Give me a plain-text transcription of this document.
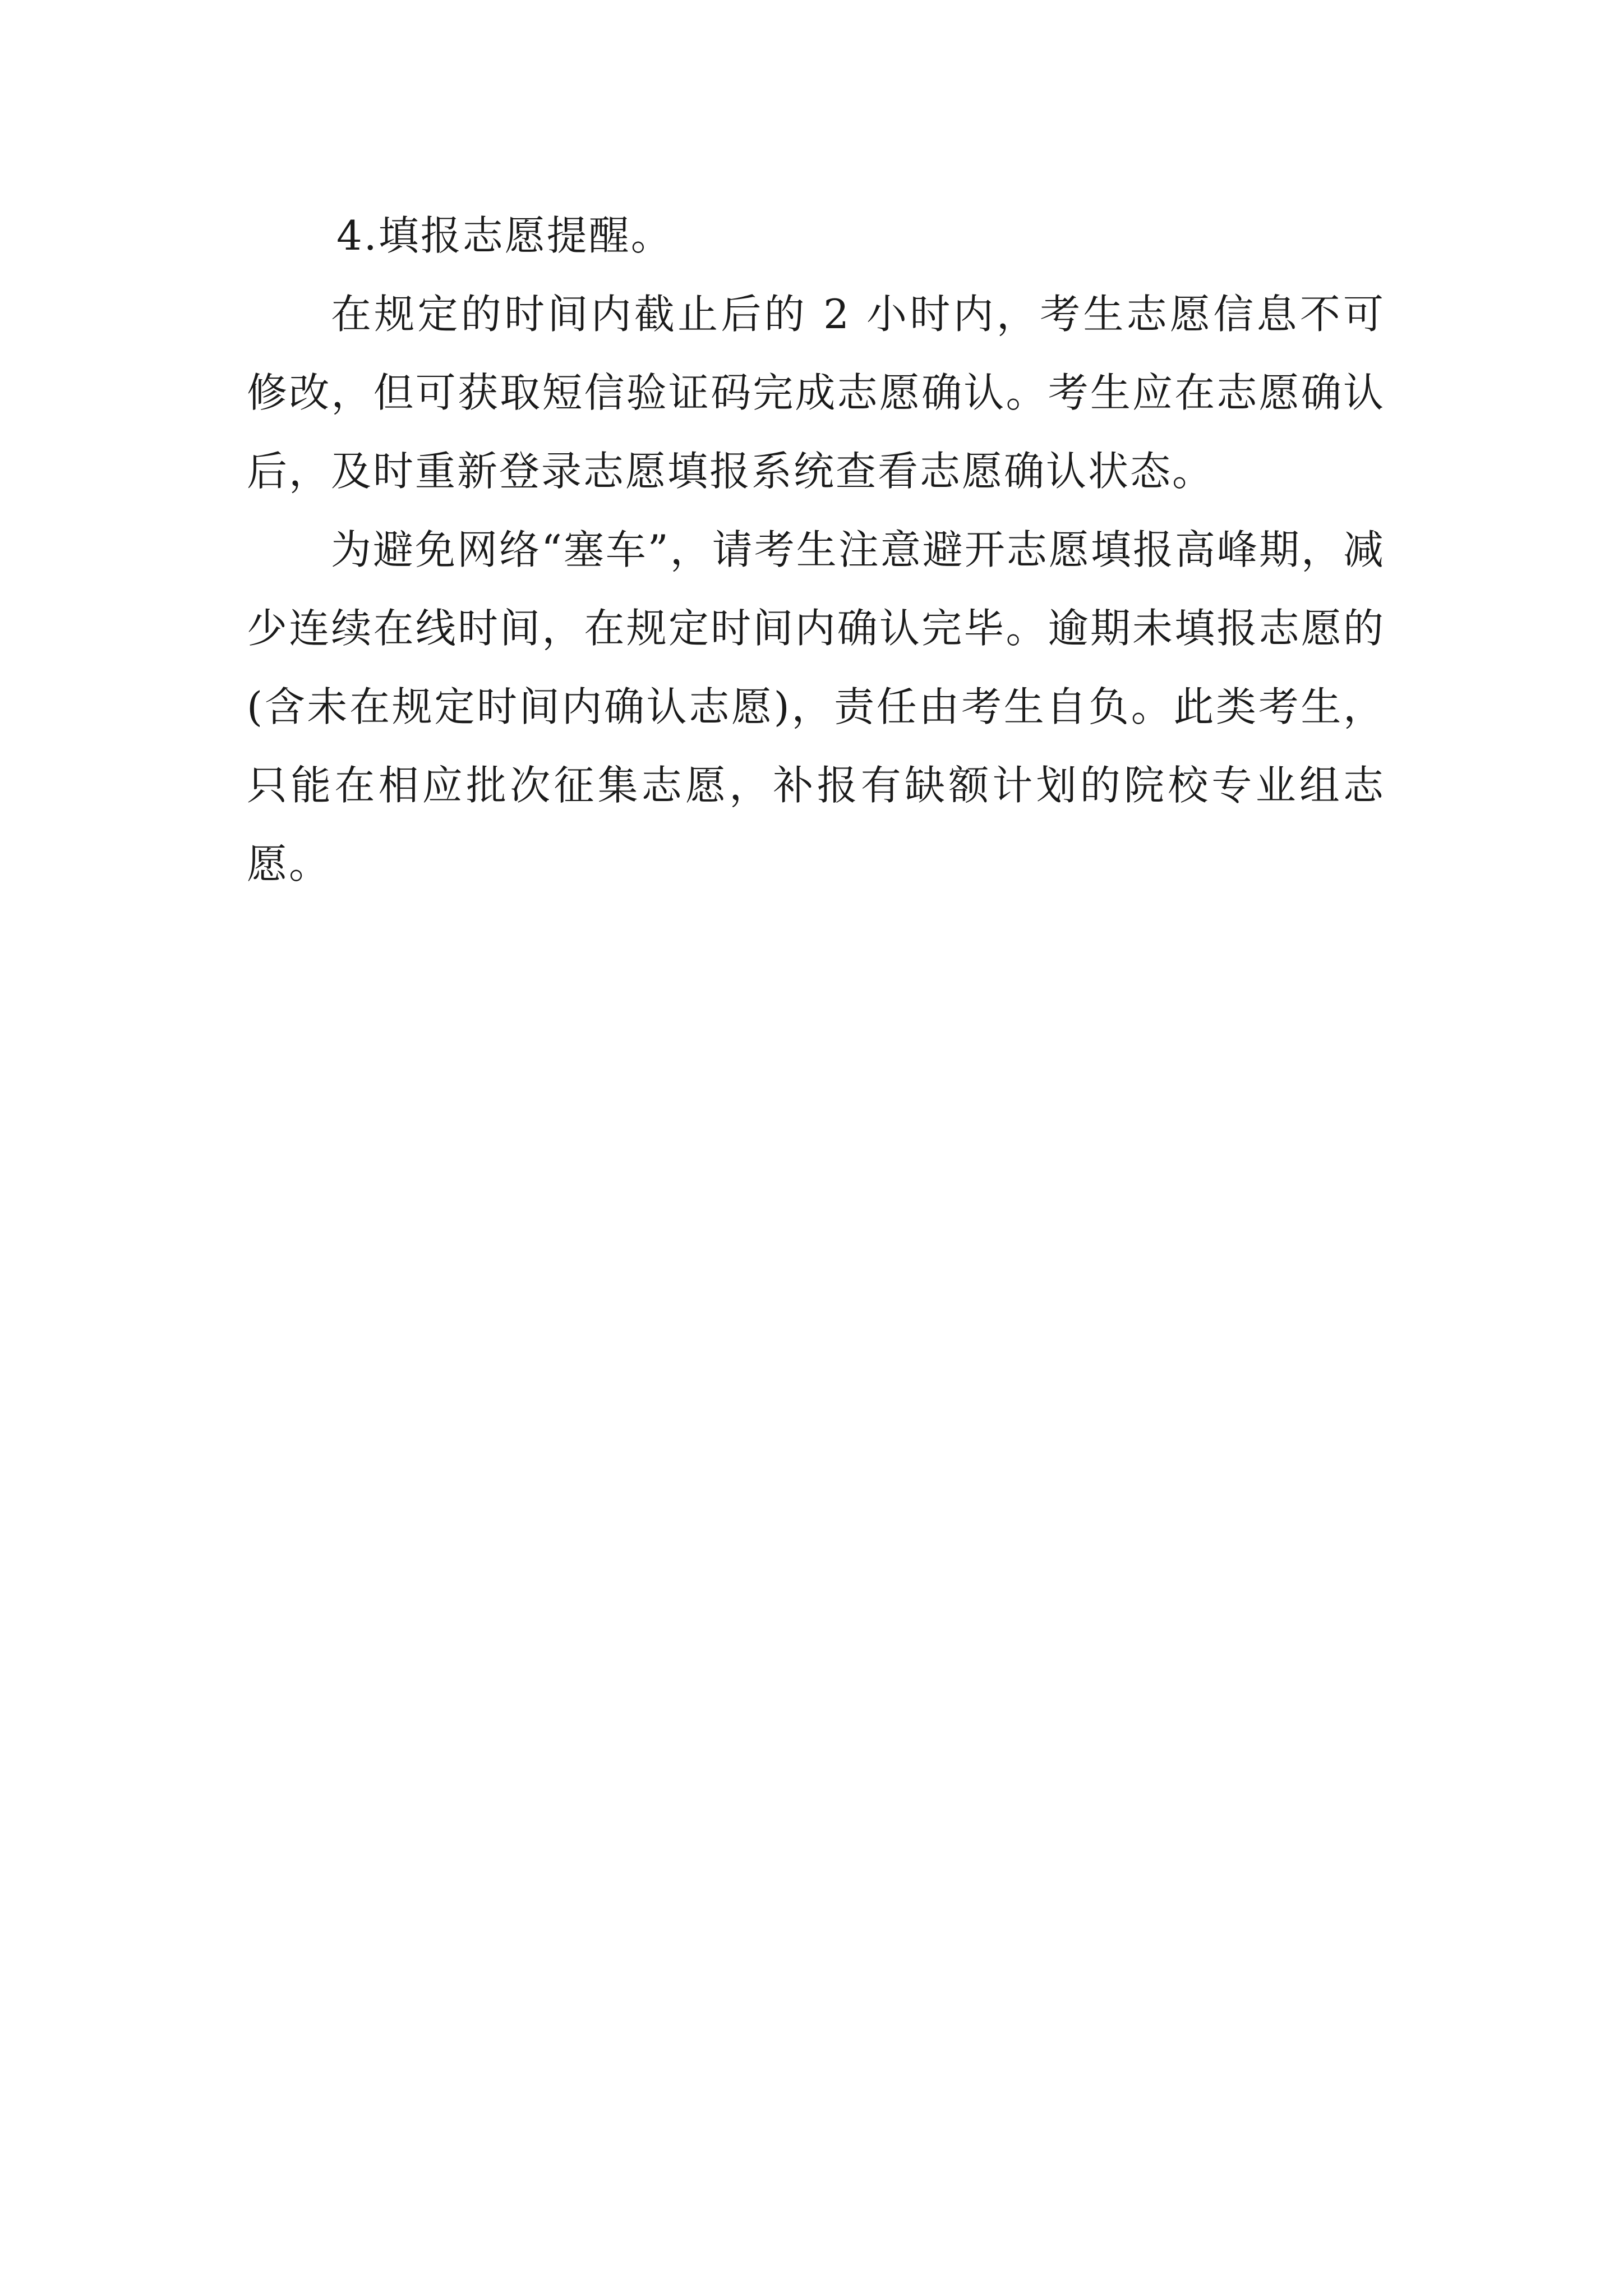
4.填报志愿提醒。

在规定的时间内截止后的 2 小时内，考生志愿信息不可修改，但可获取短信验证码完成志愿确认。考生应在志愿确认后，及时重新登录志愿填报系统查看志愿确认状态。

为避免网络“塞车”，请考生注意避开志愿填报高峰期，减少连续在线时间，在规定时间内确认完毕。逾期未填报志愿的(含未在规定时间内确认志愿)，责任由考生自负。此类考生，只能在相应批次征集志愿，补报有缺额计划的院校专业组志愿。
